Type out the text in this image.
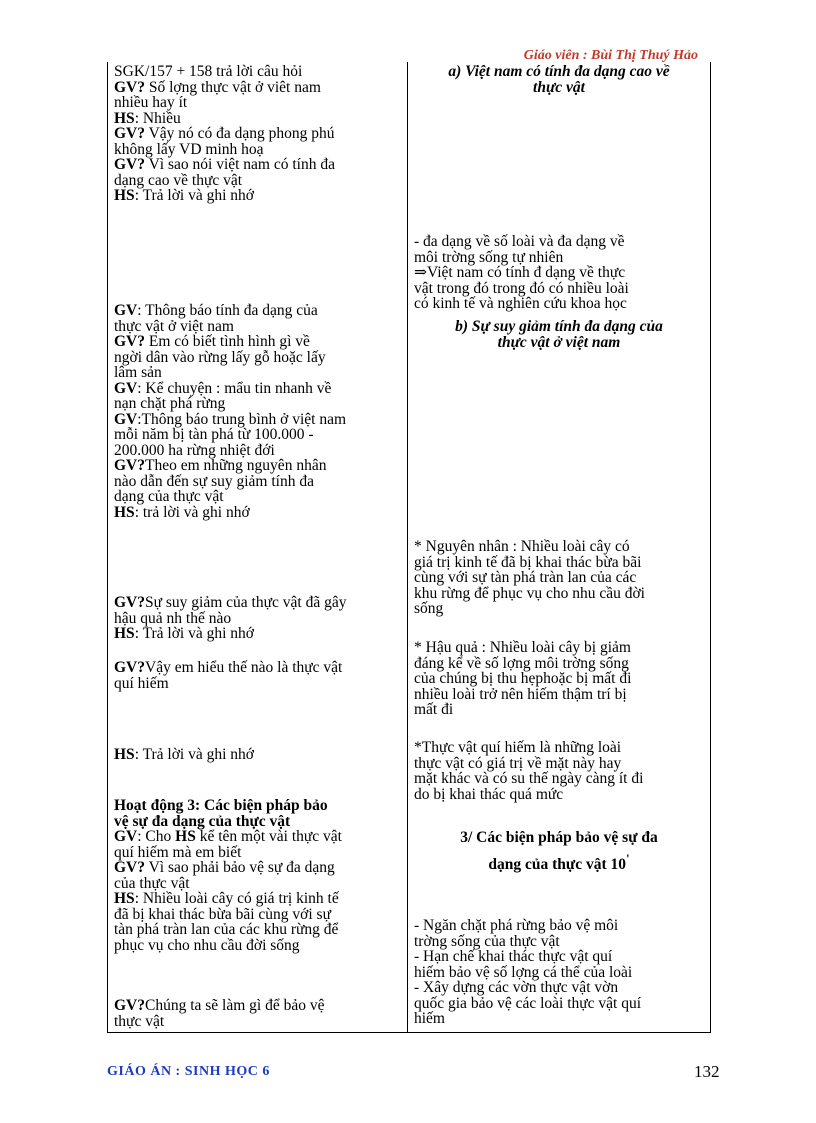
Giáo viên : Bùi Thị Thuý Hảo
SGK/157 + 158 trả lời câu hỏi
GV? Số lợng thực vật ở viêt nam
nhiều hay ít
HS: Nhiều
GV? Vậy nó có đa dạng phong phú
không lấy VD minh hoạ
GV? Vì sao nói việt nam có tính đa
dạng cao về thực vật
HS: Trả lời và ghi nhớ
GV: Thông báo tính đa dạng của
thực vật ở việt nam
GV? Em có biết tình hình gì về
ngời dân vào rừng lấy gỗ hoặc lấy
lâm sản
GV: Kể chuyện : mẩu tin nhanh về
nạn chặt phá rừng
GV:Thông báo trung bình ở việt nam
mỗi năm bị tàn phá từ 100.000 -
200.000 ha rừng nhiệt đới
GV?Theo em những nguyên nhân
nào dẫn đến sự suy giảm tính đa
dạng của thực vật
HS: trả lời và ghi nhớ
GV?Sự suy giảm của thực vật đã gây
hậu quả nh thế nào
HS: Trả lời và ghi nhớ
GV?Vậy em hiểu thế nào là thực vật
quí hiếm
HS: Trả lời và ghi nhớ
Hoạt động 3: Các biện pháp bảo
vệ sự đa dạng của thực vật
GV: Cho HS kể tên một vài thực vật
quí hiếm mà em biết
GV? Vì sao phải bảo vệ sự đa dạng
của thực vật
HS: Nhiều loài cây có giá trị kinh tế
đã bị khai thác bừa bãi cùng với sự
tàn phá tràn lan của các khu rừng để
phục vụ cho nhu cầu đời sống
GV?Chúng ta sẽ làm gì để bảo vệ
thực vật
a) Việt nam có tính đa dạng cao về
thực vật
- đa dạng về số loài và đa dạng về
môi trờng sống tự nhiên
⇒Việt nam có tính đ dạng về thực
vật trong đó trong đó có nhiều loài
có kinh tế và nghiên cứu khoa học
b) Sự suy giảm tính đa dạng của
thực vật ở việt nam
* Nguyên nhân : Nhiều loài cây có
giá trị kinh tế đã bị khai thác bừa bãi
cùng với sự tàn phá tràn lan của các
khu rừng để phục vụ cho nhu cầu đời
sống
* Hậu quả : Nhiều loài cây bị giảm
đáng kể về số lợng môi trờng sống
của chúng bị thu hẹphoặc bị mất đi
nhiều loài trở nên hiếm thậm trí bị
mất đi
*Thực vật quí hiếm là những loài
thực vật có giá trị về mặt này hay
mặt khác và có su thế ngày càng ít đi
do bị khai thác quá mức
3/ Các biện pháp bảo vệ sự đa
dạng của thực vật 10'
- Ngăn chặt phá rừng bảo vệ môi
trờng sống của thực vật
- Hạn chế khai thác thực vật quí
hiếm bảo vệ số lợng cá thể của loài
- Xây dựng các vờn thực vật vờn
quốc gia bảo vệ các loài thực vật quí
hiếm
GIÁO ÁN : SINH HỌC 6	132
